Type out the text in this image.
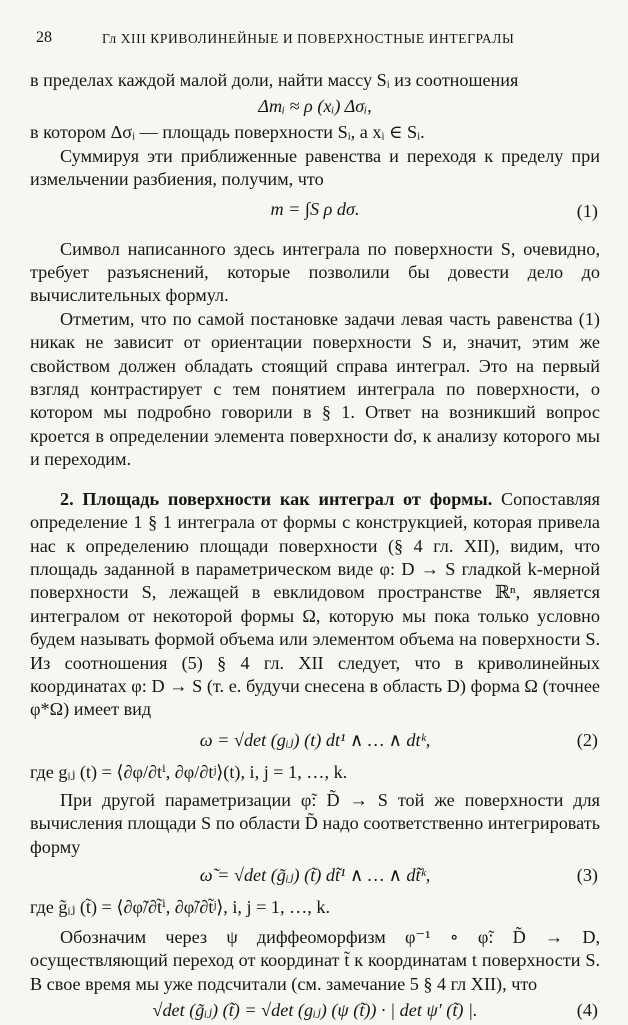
28	Гл XIII КРИВОЛИНЕЙНЫЕ И ПОВЕРХНОСТНЫЕ ИНТЕГРАЛЫ

в пределах каждой малой доли, найти массу Sᵢ из соотношения

Δmᵢ ≈ ρ (xᵢ) Δσᵢ,

в котором Δσᵢ — площадь поверхности Sᵢ, а xᵢ ∈ Sᵢ.

Суммируя эти приближенные равенства и переходя к пределу при измельчении разбиения, получим, что

m = ∫S ρ dσ.	(1)

Символ написанного здесь интеграла по поверхности S, очевидно, требует разъяснений, которые позволили бы довести дело до вычислительных формул.

Отметим, что по самой постановке задачи левая часть равенства (1) никак не зависит от ориентации поверхности S и, значит, этим же свойством должен обладать стоящий справа интеграл. Это на первый взгляд контрастирует с тем понятием интеграла по поверхности, о котором мы подробно говорили в § 1. Ответ на возникший вопрос кроется в определении элемента поверхности dσ, к анализу которого мы и переходим.

2. Площадь поверхности как интеграл от формы. Сопоставляя определение 1 § 1 интеграла от формы с конструкцией, которая привела нас к определению площади поверхности (§ 4 гл. XII), видим, что площадь заданной в параметрическом виде φ: D → S гладкой k-мерной поверхности S, лежащей в евклидовом пространстве ℝⁿ, является интегралом от некоторой формы Ω, которую мы пока только условно будем называть формой объема или элементом объема на поверхности S. Из соотношения (5) § 4 гл. XII следует, что в криволинейных координатах φ: D → S (т. е. будучи снесена в область D) форма Ω (точнее φ*Ω) имеет вид

ω = √det (gᵢⱼ) (t) dt¹ ∧ … ∧ dtᵏ,	(2)

где gᵢⱼ (t) = ⟨∂φ/∂tⁱ, ∂φ/∂tʲ⟩(t), i, j = 1, …, k.

При другой параметризации φ̃: D̃ → S той же поверхности для вычисления площади S по области D̃ надо соответственно интегрировать форму

ω̃ = √det (g̃ᵢⱼ) (t̃) dt̃¹ ∧ … ∧ dt̃ᵏ,	(3)

где g̃ᵢⱼ (t̃) = ⟨∂φ̃/∂t̃ⁱ, ∂φ̃/∂t̃ʲ⟩, i, j = 1, …, k.

Обозначим через ψ диффеоморфизм φ⁻¹ ∘ φ̃: D̃ → D, осуществляющий переход от координат t̃ к координатам t поверхности S. В свое время мы уже подсчитали (см. замечание 5 § 4 гл XII), что

√det (g̃ᵢⱼ) (t̃) = √det (gᵢⱼ) (ψ (t̃)) · | det ψ′ (t̃) |.	(4)
